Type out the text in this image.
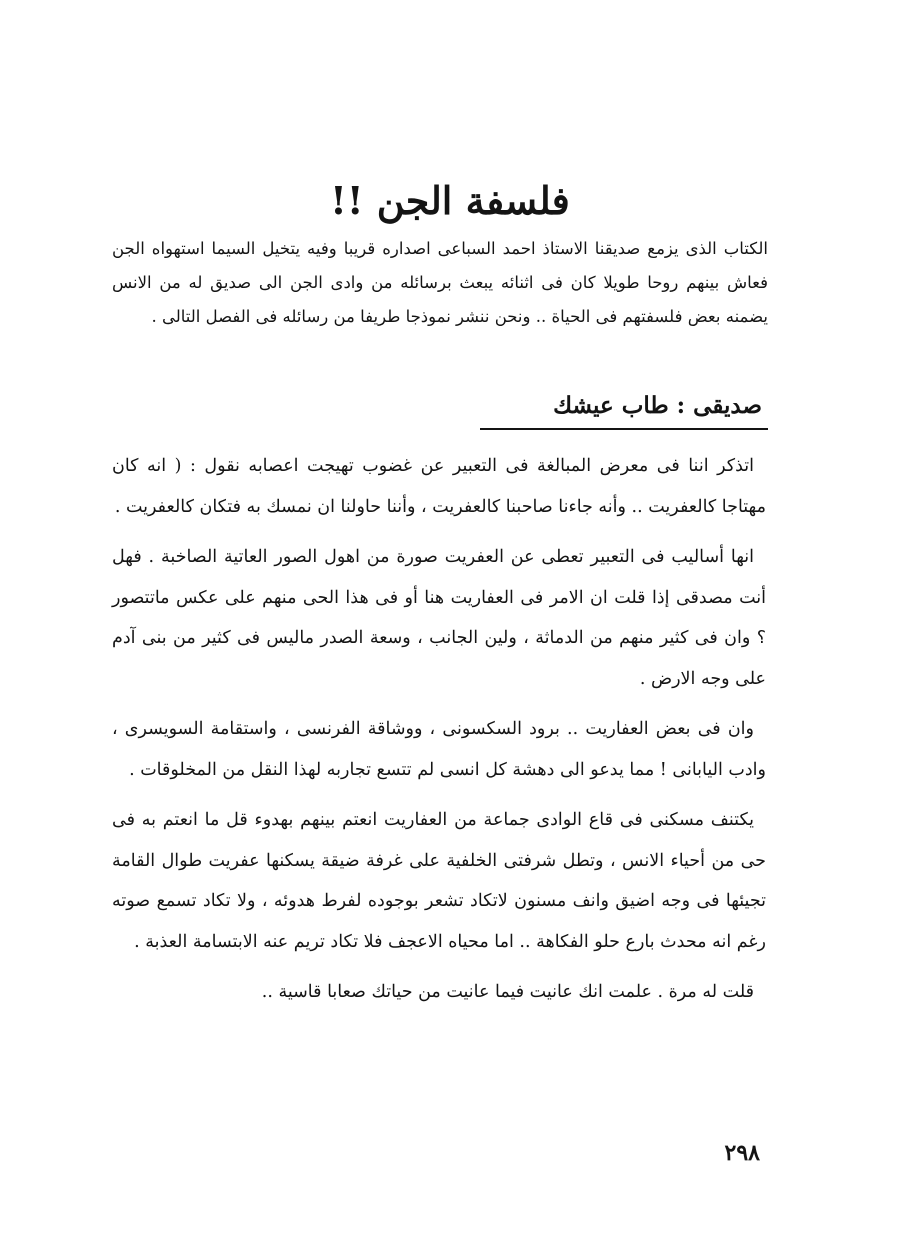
فلسفة الجن !!

الكتاب الذى يزمع صديقنا الاستاذ احمد السباعى اصداره قريبا وفيه يتخيل السيما استهواه الجن فعاش بينهم روحا طويلا كان فى اثنائه يبعث برسائله من وادى الجن الى صديق له من الانس يضمنه بعض فلسفتهم فى الحياة .. ونحن ننشر نموذجا طريفا من رسائله فى الفصل التالى .

صديقى : طاب عيشك

اتذكر اننا فى معرض المبالغة فى التعبير عن غضوب تهيجت اعصابه نقول : ( انه كان مهتاجا كالعفريت .. وأنه جاءنا صاحبنا كالعفريت ، وأننا حاولنا ان نمسك به فتكان كالعفريت .

انها أساليب فى التعبير تعطى عن العفريت صورة من اهول الصور العاتية الصاخبة . فهل أنت مصدقى إذا قلت ان الامر فى العفاريت هنا أو فى هذا الحى منهم على عكس ماتتصور ؟ وان فى كثير منهم من الدماثة ، ولين الجانب ، وسعة الصدر ماليس فى كثير من بنى آدم على وجه الارض .

وان فى بعض العفاريت .. برود السكسونى ، ووشاقة الفرنسى ، واستقامة السويسرى ، وادب اليابانى ! مما يدعو الى دهشة كل انسى لم تتسع تجاربه لهذا النقل من المخلوقات .

يكتنف مسكنى فى قاع الوادى جماعة من العفاريت انعتم بينهم بهدوء قل ما انعتم به فى حى من أحياء الانس ، وتطل شرفتى الخلفية على غرفة ضيقة يسكنها عفريت طوال القامة تجيئها فى وجه اضيق وانف مسنون لاتكاد تشعر بوجوده لفرط هدوئه ، ولا تكاد تسمع صوته رغم انه محدث بارع حلو الفكاهة .. اما محياه الاعجف فلا تكاد تريم عنه الابتسامة العذبة .

قلت له مرة . علمت انك عانيت فيما عانيت من حياتك صعابا قاسية ..

٢٩٨
